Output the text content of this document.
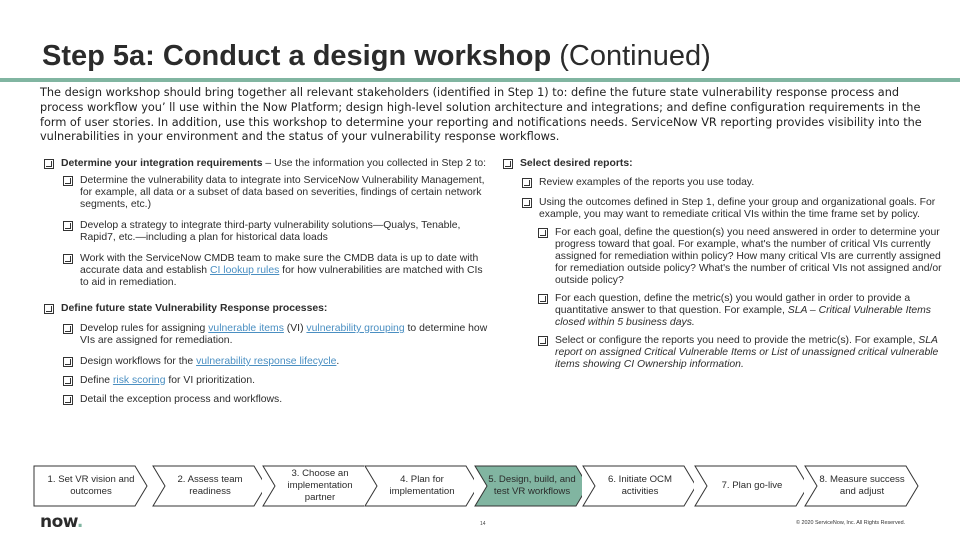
Step 5a: Conduct a design workshop (Continued)

The design workshop should bring together all relevant stakeholders (identified in Step 1) to: define the future state vulnerability response process and process workflow you’ ll use within the Now Platform; design high-level solution architecture and integrations; and define configuration requirements in the form of user stories. In addition, use this workshop to determine your reporting and notifications needs. ServiceNow VR reporting provides visibility into the vulnerabilities in your environment and the status of your vulnerability response workflows.

Determine your integration requirements – Use the information you collected in Step 2 to:
Determine the vulnerability data to integrate into ServiceNow Vulnerability Management, for example, all data or a subset of data based on severities, findings of certain network segments, etc.)
Develop a strategy to integrate third-party vulnerability solutions—Qualys, Tenable, Rapid7, etc.—including a plan for historical data loads
Work with the ServiceNow CMDB team to make sure the CMDB data is up to date with accurate data and establish CI lookup rules for how vulnerabilities are matched with CIs to aid in remediation.
Define future state Vulnerability Response processes:
Develop rules for assigning vulnerable items (VI) vulnerability grouping to determine how VIs are assigned for remediation.
Design workflows for the vulnerability response lifecycle.
Define risk scoring for VI prioritization.
Detail the exception process and workflows.
Select desired reports:
Review examples of the reports you use today.
Using the outcomes defined in Step 1, define your group and organizational goals. For example, you may want to remediate critical VIs within the time frame set by policy.
For each goal, define the question(s) you need answered in order to determine your progress toward that goal. For example, what's the number of critical VIs currently assigned for remediation within policy? How many critical VIs are currently assigned for remediation outside policy? What's the number of critical VIs not assigned and/or outside policy?
For each question, define the metric(s) you would gather in order to provide a quantitative answer to that question. For example, SLA – Critical Vulnerable Items closed within 5 business days.
Select or configure the reports you need to provide the metric(s). For example, SLA report on assigned Critical Vulnerable Items or List of unassigned critical vulnerable items showing CI Ownership information.
1. Set VR vision and outcomes
2. Assess team readiness
3. Choose an implementation partner
4. Plan for implementation
5. Design, build, and test VR workflows
6. Initiate OCM activities
7. Plan go-live
8. Measure success and adjust
now.	14	© 2020 ServiceNow, Inc. All Rights Reserved.
